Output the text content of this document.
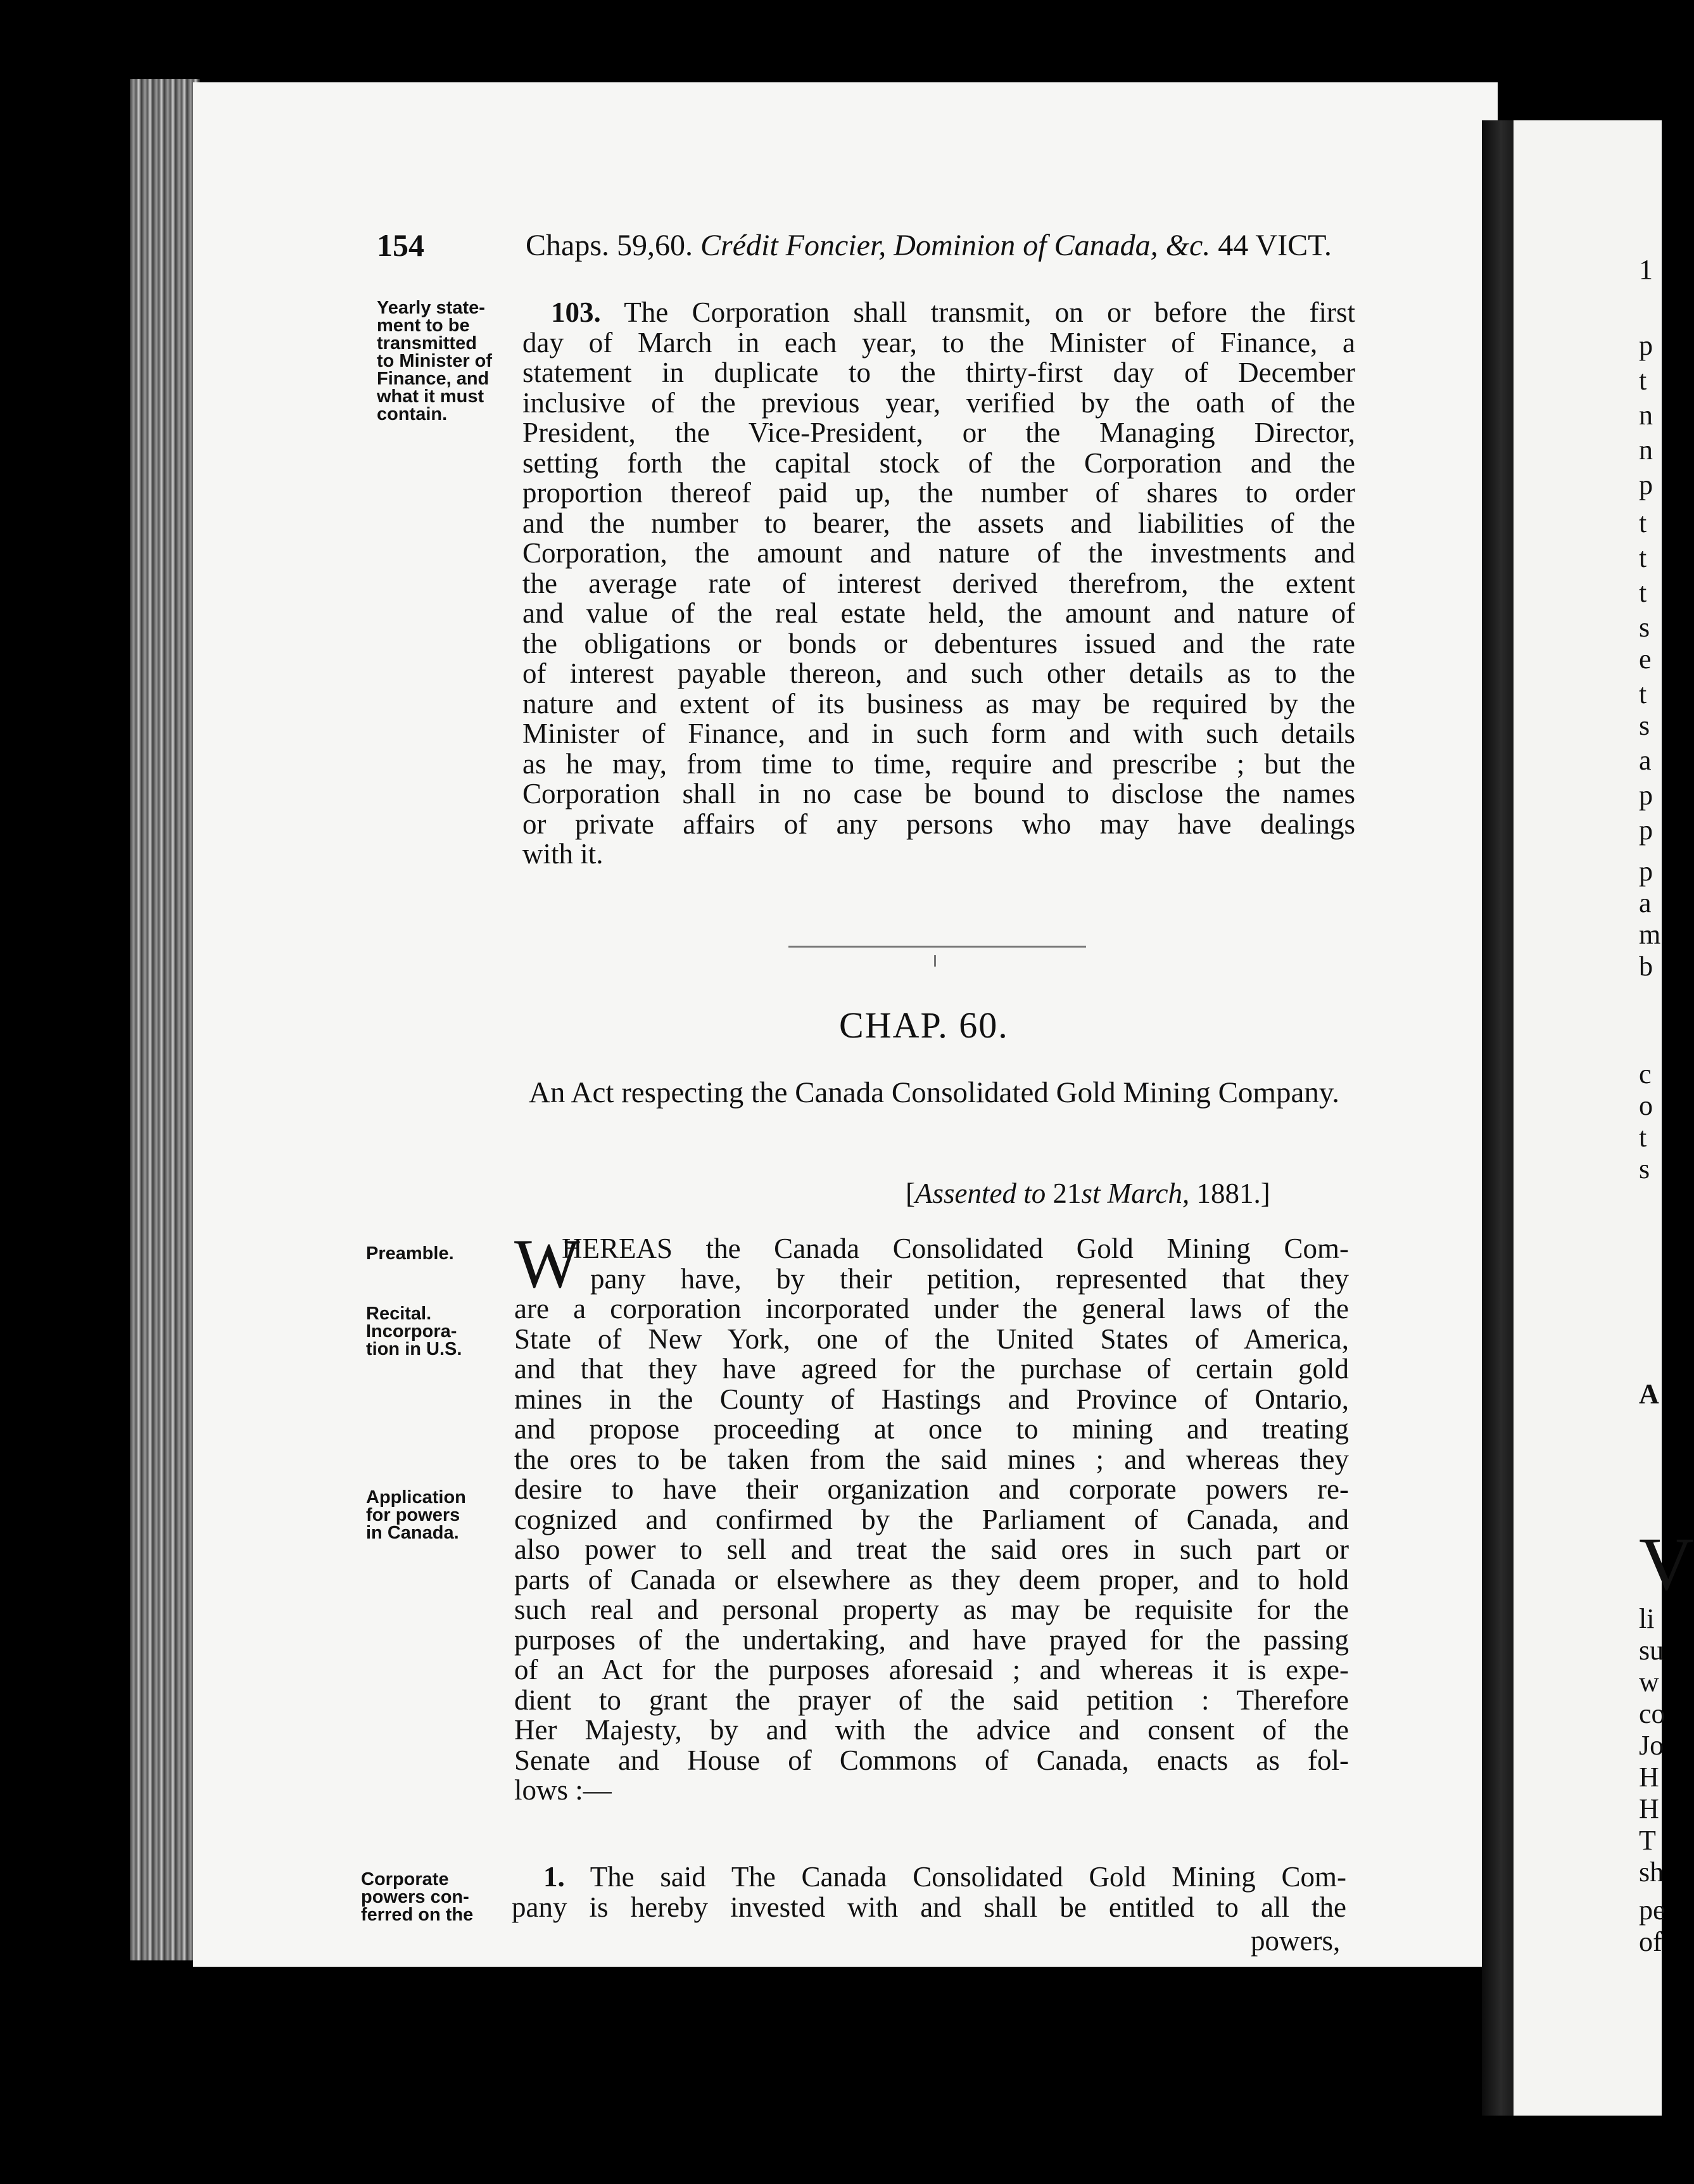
154	Chaps. 59,60. Crédit Foncier, Dominion of Canada, &c. 44 VICT.
Yearly state-
ment to be
transmitted
to Minister of
Finance, and
what it must
contain.
103. The Corporation shall transmit, on or before the first
day of March in each year, to the Minister of Finance, a
statement in duplicate to the thirty-first day of December
inclusive of the previous year, verified by the oath of the
President, the Vice-President, or the Managing Director,
setting forth the capital stock of the Corporation and the
proportion thereof paid up, the number of shares to order
and the number to bearer, the assets and liabilities of the
Corporation, the amount and nature of the investments and
the average rate of interest derived therefrom, the extent
and value of the real estate held, the amount and nature of
the obligations or bonds or debentures issued and the rate
of interest payable thereon, and such other details as to the
nature and extent of its business as may be required by the
Minister of Finance, and in such form and with such details
as he may, from time to time, require and prescribe ; but the
Corporation shall in no case be bound to disclose the names
or private affairs of any persons who may have dealings
with it.
CHAP. 60.
An Act respecting the Canada Consolidated Gold Mining Company.
[Assented to 21st March, 1881.]
Preamble.
Recital.
Incorpora-
tion in U.S.
Application
for powers
in Canada.
W
HEREAS the Canada Consolidated Gold Mining Com-
pany have, by their petition, represented that they
are a corporation incorporated under the general laws of the
State of New York, one of the United States of America,
and that they have agreed for the purchase of certain gold
mines in the County of Hastings and Province of Ontario,
and propose proceeding at once to mining and treating
the ores to be taken from the said mines ; and whereas they
desire to have their organization and corporate powers re-
cognized and confirmed by the Parliament of Canada, and
also power to sell and treat the said ores in such part or
parts of Canada or elsewhere as they deem proper, and to hold
such real and personal property as may be requisite for the
purposes of the undertaking, and have prayed for the passing
of an Act for the purposes aforesaid ; and whereas it is expe-
dient to grant the prayer of the said petition : Therefore
Her Majesty, by and with the advice and consent of the
Senate and House of Commons of Canada, enacts as fol-
lows :—
Corporate
powers con-
ferred on the
1. The said The Canada Consolidated Gold Mining Com-
pany is hereby invested with and shall be entitled to all the
powers,
1
p
t
n
n
p
t
t
t
s
e
t
s
a
p
p
p
a
m
b
c
o
t
s
A
V
li
su
w
co
Jo
H
H
T
sh
pe
of
